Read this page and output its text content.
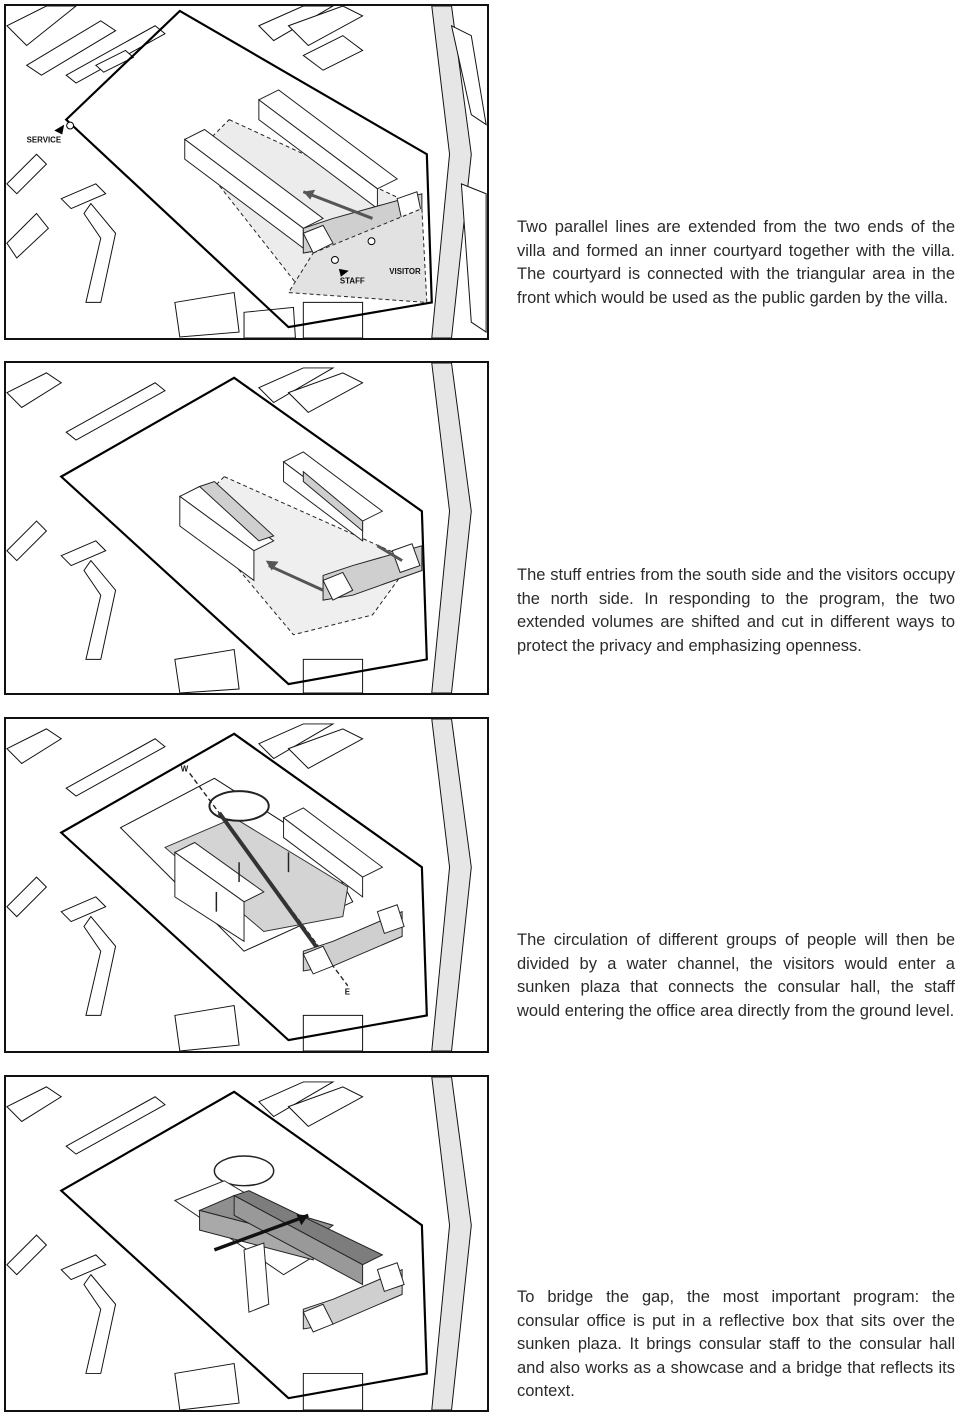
SERVICE
STAFF
VISITOR

Two parallel lines are extended from the two ends of the villa and formed an inner courtyard together with the villa. The courtyard is connected with the triangular area in the front which would be used as the public garden by the villa.

The stuff entries from the south side and the visitors occupy the north side. In responding to the program, the two extended volumes are shifted and cut in different ways to protect the privacy and emphasizing openness.

W
E

The circulation of different groups of people will then be divided by a water channel, the visitors would enter a sunken plaza that connects the consular hall, the staff would entering the office area directly from the ground level.

To bridge the gap, the most important program: the consular office is put in a reflective box that sits over the sunken plaza. It brings consular staff to the consular hall and also works as a showcase and a bridge that reflects its context.
